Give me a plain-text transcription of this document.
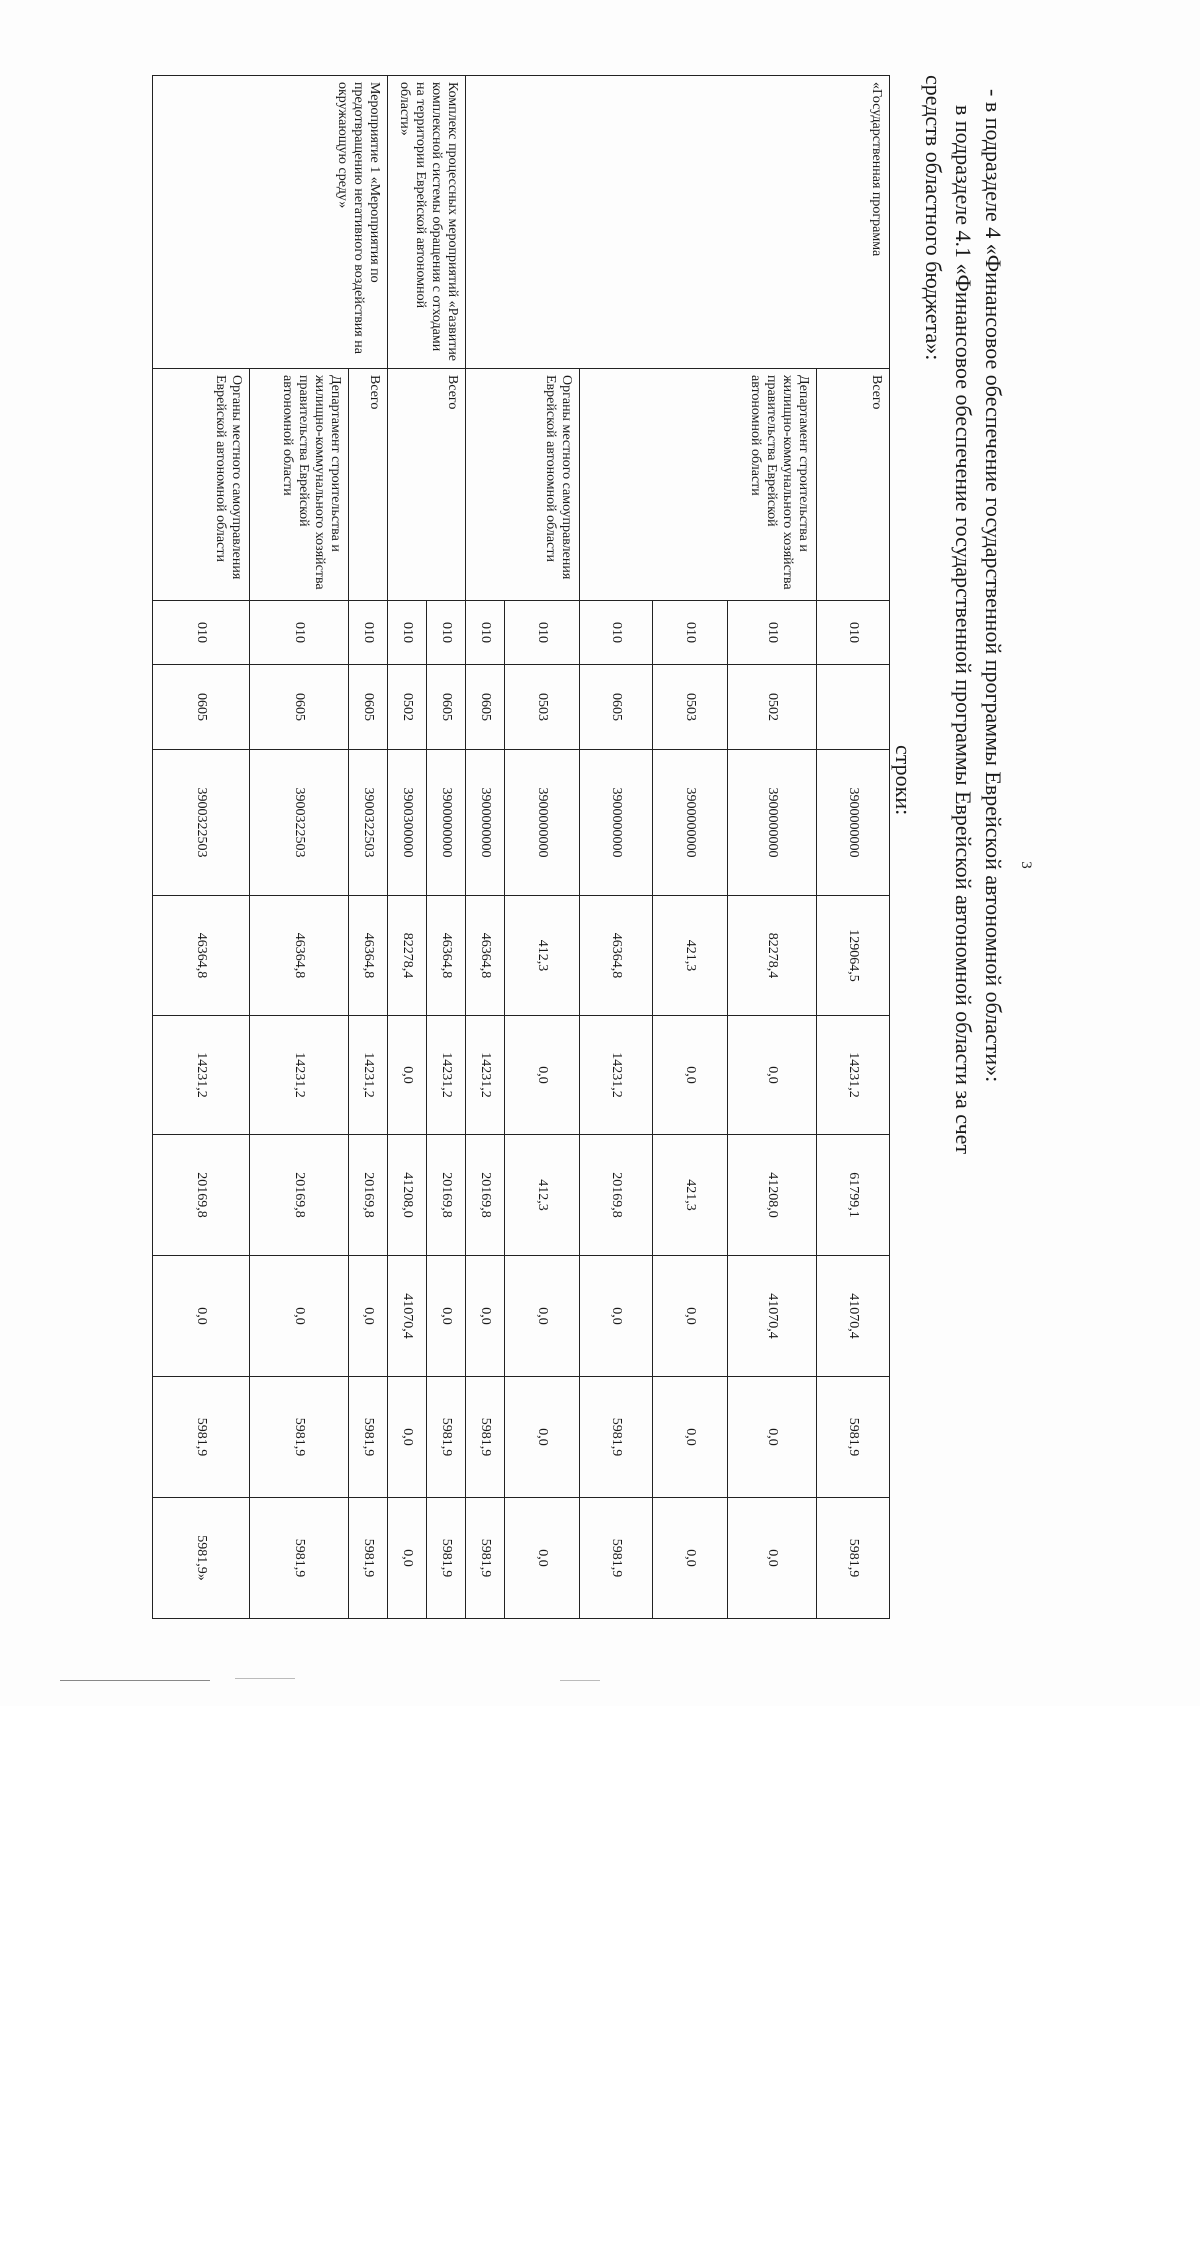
3
- в подразделе 4 «Финансовое обеспечение государственной программы Еврейской автономной области»:
в подразделе 4.1 «Финансовое обеспечение государственной программы Еврейской автономной области за счет
средств областного бюджета»:
строки:
«Государственная программа	Всего	010		3900000000	129064,5	14231,2	61799,1	41070,4	5981,9	5981,9
	Департамент строительства и жилищно-коммунального хозяйства правительства Еврейской автономной области	010	0502	3900000000	82278,4	0,0	41208,0	41070,4	0,0	0,0
		010	0503	3900000000	421,3	0,0	421,3	0,0	0,0	0,0
		010	0605	3900000000	46364,8	14231,2	20169,8	0,0	5981,9	5981,9
	Органы местного самоуправления Еврейской автономной области	010	0503	3900000000	412,3	0,0	412,3	0,0	0,0	0,0
		010	0605	3900000000	46364,8	14231,2	20169,8	0,0	5981,9	5981,9
Комплекс процессных мероприятий «Развитие комплексной системы обращения с отходами на территории Еврейской автономной области»	Всего	010	0605	3900000000	46364,8	14231,2	20169,8	0,0	5981,9	5981,9
		010	0502	3900300000	82278,4	0,0	41208,0	41070,4	0,0	0,0
Мероприятие 1 «Мероприятия по предотвращению негативного воздействия на окружающую среду»	Всего	010	0605	3900322503	46364,8	14231,2	20169,8	0,0	5981,9	5981,9
	Департамент строительства и жилищно-коммунального хозяйства правительства Еврейской автономной области	010	0605	3900322503	46364,8	14231,2	20169,8	0,0	5981,9	5981,9
	Органы местного самоуправления Еврейской автономной области	010	0605	3900322503	46364,8	14231,2	20169,8	0,0	5981,9	5981,9»
